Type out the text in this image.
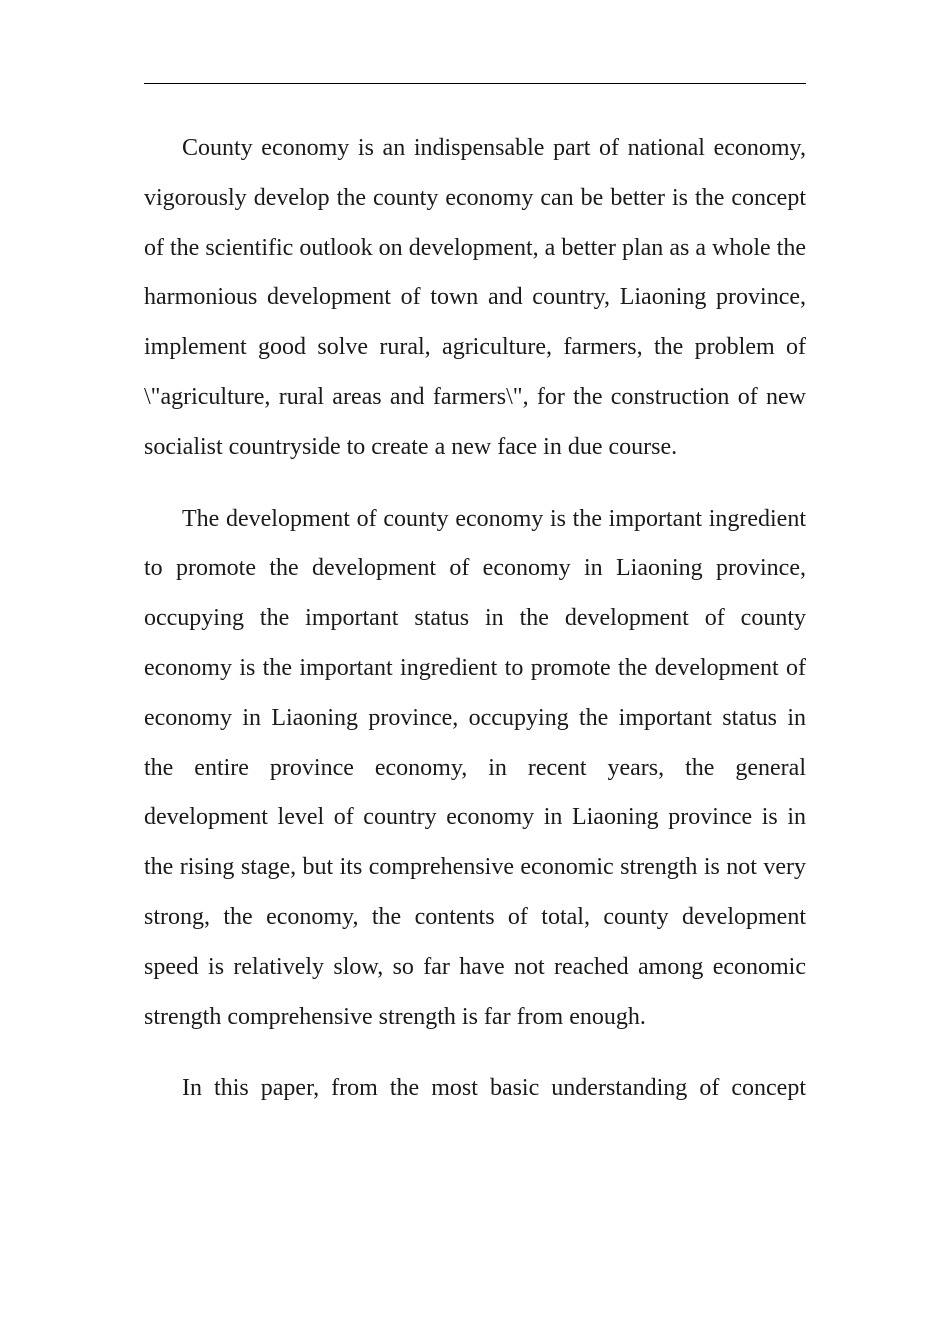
County economy is an indispensable part of national economy, vigorously develop the county economy can be better is the concept of the scientific outlook on development, a better plan as a whole the harmonious development of town and country, Liaoning province, implement good solve rural, agriculture, farmers, the problem of \"agriculture, rural areas and farmers\", for the construction of new socialist countryside to create a new face in due course.

The development of county economy is the important ingredient to promote the development of economy in Liaoning province, occupying the important status in the development of county economy is the important ingredient to promote the development of economy in Liaoning province, occupying the important status in the entire province economy, in recent years, the general development level of country economy in Liaoning province is in the rising stage, but its comprehensive economic strength is not very strong, the economy, the contents of total, county development speed is relatively slow, so far have not reached among economic strength comprehensive strength is far from enough.

In this paper, from the most basic understanding of concept
